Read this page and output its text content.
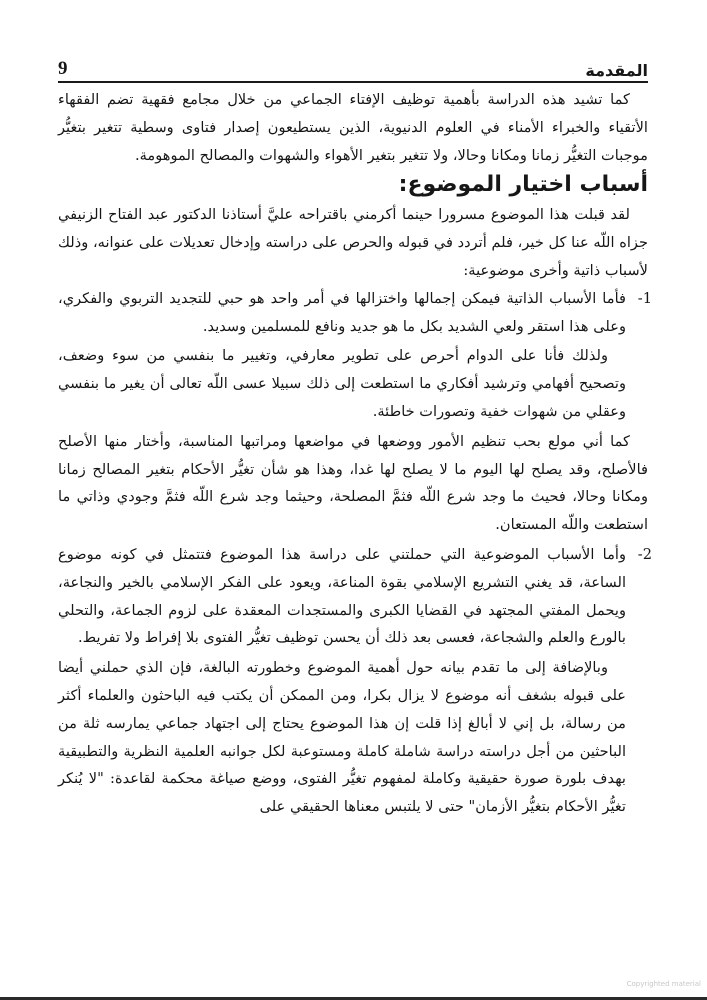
المقدمة
9

كما تشيد هذه الدراسة بأهمية توظيف الإفتاء الجماعي من خلال مجامع فقهية تضم الفقهاء الأتقياء والخبراء الأمناء في العلوم الدنيوية، الذين يستطيعون إصدار فتاوى وسطية تتغير بتغيُّر موجبات التغيُّر زمانا ومكانا وحالا، ولا تتغير بتغير الأهواء والشهوات والمصالح الموهومة.

أسباب اختيار الموضوع:

لقد قبلت هذا الموضوع مسرورا حينما أكرمني باقتراحه عليَّ أستاذنا الدكتور عبد الفتاح الزنيفي جزاه اللّه عنا كل خير، فلم أتردد في قبوله والحرص على دراسته وإدخال تعديلات على عنوانه، وذلك لأسباب ذاتية وأخرى موضوعية:

1-
فأما الأسباب الذاتية فيمكن إجمالها واختزالها في أمر واحد هو حبي للتجديد التربوي والفكري، وعلى هذا استقر ولعي الشديد بكل ما هو جديد ونافع للمسلمين وسديد.

ولذلك فأنا على الدوام أحرص على تطوير معارفي، وتغيير ما بنفسي من سوء وضعف، وتصحيح أفهامي وترشيد أفكاري ما استطعت إلى ذلك سبيلا عسى اللّه تعالى أن يغير ما بنفسي وعقلي من شهوات خفية وتصورات خاطئة.

كما أني مولع بحب تنظيم الأمور ووضعها في مواضعها ومراتبها المناسبة، وأختار منها الأصلح فالأصلح، وقد يصلح لها اليوم ما لا يصلح لها غدا، وهذا هو شأن تغيُّر الأحكام بتغير المصالح زمانا ومكانا وحالا، فحيث ما وجد شرع اللّه فثمَّ المصلحة، وحيثما وجد شرع اللّه فثمَّ وجودي وذاتي ما استطعت واللّه المستعان.

2-
وأما الأسباب الموضوعية التي حملتني على دراسة هذا الموضوع فتتمثل في كونه موضوع الساعة، قد يغني التشريع الإسلامي بقوة المناعة، ويعود على الفكر الإسلامي بالخير والنجاعة، ويحمل المفتي المجتهد في القضايا الكبرى والمستجدات المعقدة على لزوم الجماعة، والتحلي بالورع والعلم والشجاعة، فعسى بعد ذلك أن يحسن توظيف تغيُّر الفتوى بلا إفراط ولا تفريط.

وبالإضافة إلى ما تقدم بيانه حول أهمية الموضوع وخطورته البالغة، فإن الذي حملني أيضا على قبوله بشغف أنه موضوع لا يزال بكرا، ومن الممكن أن يكتب فيه الباحثون والعلماء أكثر من رسالة، بل إني لا أبالغ إذا قلت إن هذا الموضوع يحتاج إلى اجتهاد جماعي يمارسه ثلة من الباحثين من أجل دراسته دراسة شاملة كاملة ومستوعبة لكل جوانبه العلمية النظرية والتطبيقية بهدف بلورة صورة حقيقية وكاملة لمفهوم تغيُّر الفتوى، ووضع صياغة محكمة لقاعدة: "لا يُنكر تغيُّر الأحكام بتغيُّر الأزمان" حتى لا يلتبس معناها الحقيقي على

Copyrighted material
